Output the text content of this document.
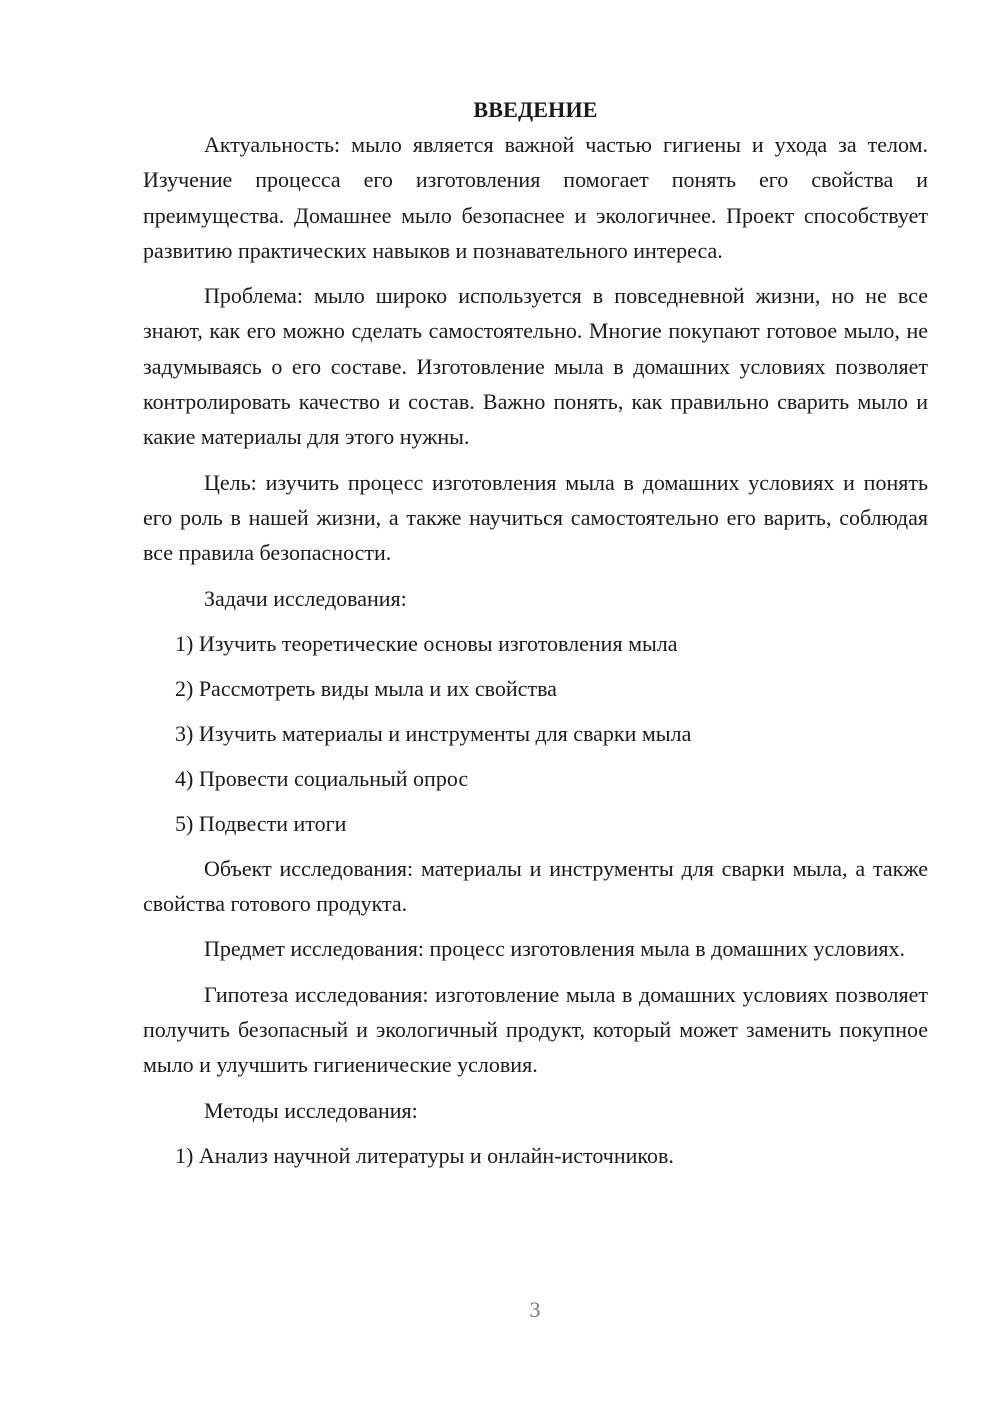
ВВЕДЕНИЕ

Актуальность: мыло является важной частью гигиены и ухода за телом. Изучение процесса его изготовления помогает понять его свойства и преимущества. Домашнее мыло безопаснее и экологичнее. Проект способствует развитию практических навыков и познавательного интереса.

Проблема: мыло широко используется в повседневной жизни, но не все знают, как его можно сделать самостоятельно. Многие покупают готовое мыло, не задумываясь о его составе. Изготовление мыла в домашних условиях позволяет контролировать качество и состав. Важно понять, как правильно сварить мыло и какие материалы для этого нужны.

Цель: изучить процесс изготовления мыла в домашних условиях и понять его роль в нашей жизни, а также научиться самостоятельно его варить, соблюдая все правила безопасности.

Задачи исследования:

1) Изучить теоретические основы изготовления мыла
2) Рассмотреть виды мыла и их свойства
3) Изучить материалы и инструменты для сварки мыла
4) Провести социальный опрос
5) Подвести итоги

Объект исследования: материалы и инструменты для сварки мыла, а также свойства готового продукта.

Предмет исследования: процесс изготовления мыла в домашних условиях.

Гипотеза исследования: изготовление мыла в домашних условиях позволяет получить безопасный и экологичный продукт, который может заменить покупное мыло и улучшить гигиенические условия.

Методы исследования:

1) Анализ научной литературы и онлайн-источников.
3
